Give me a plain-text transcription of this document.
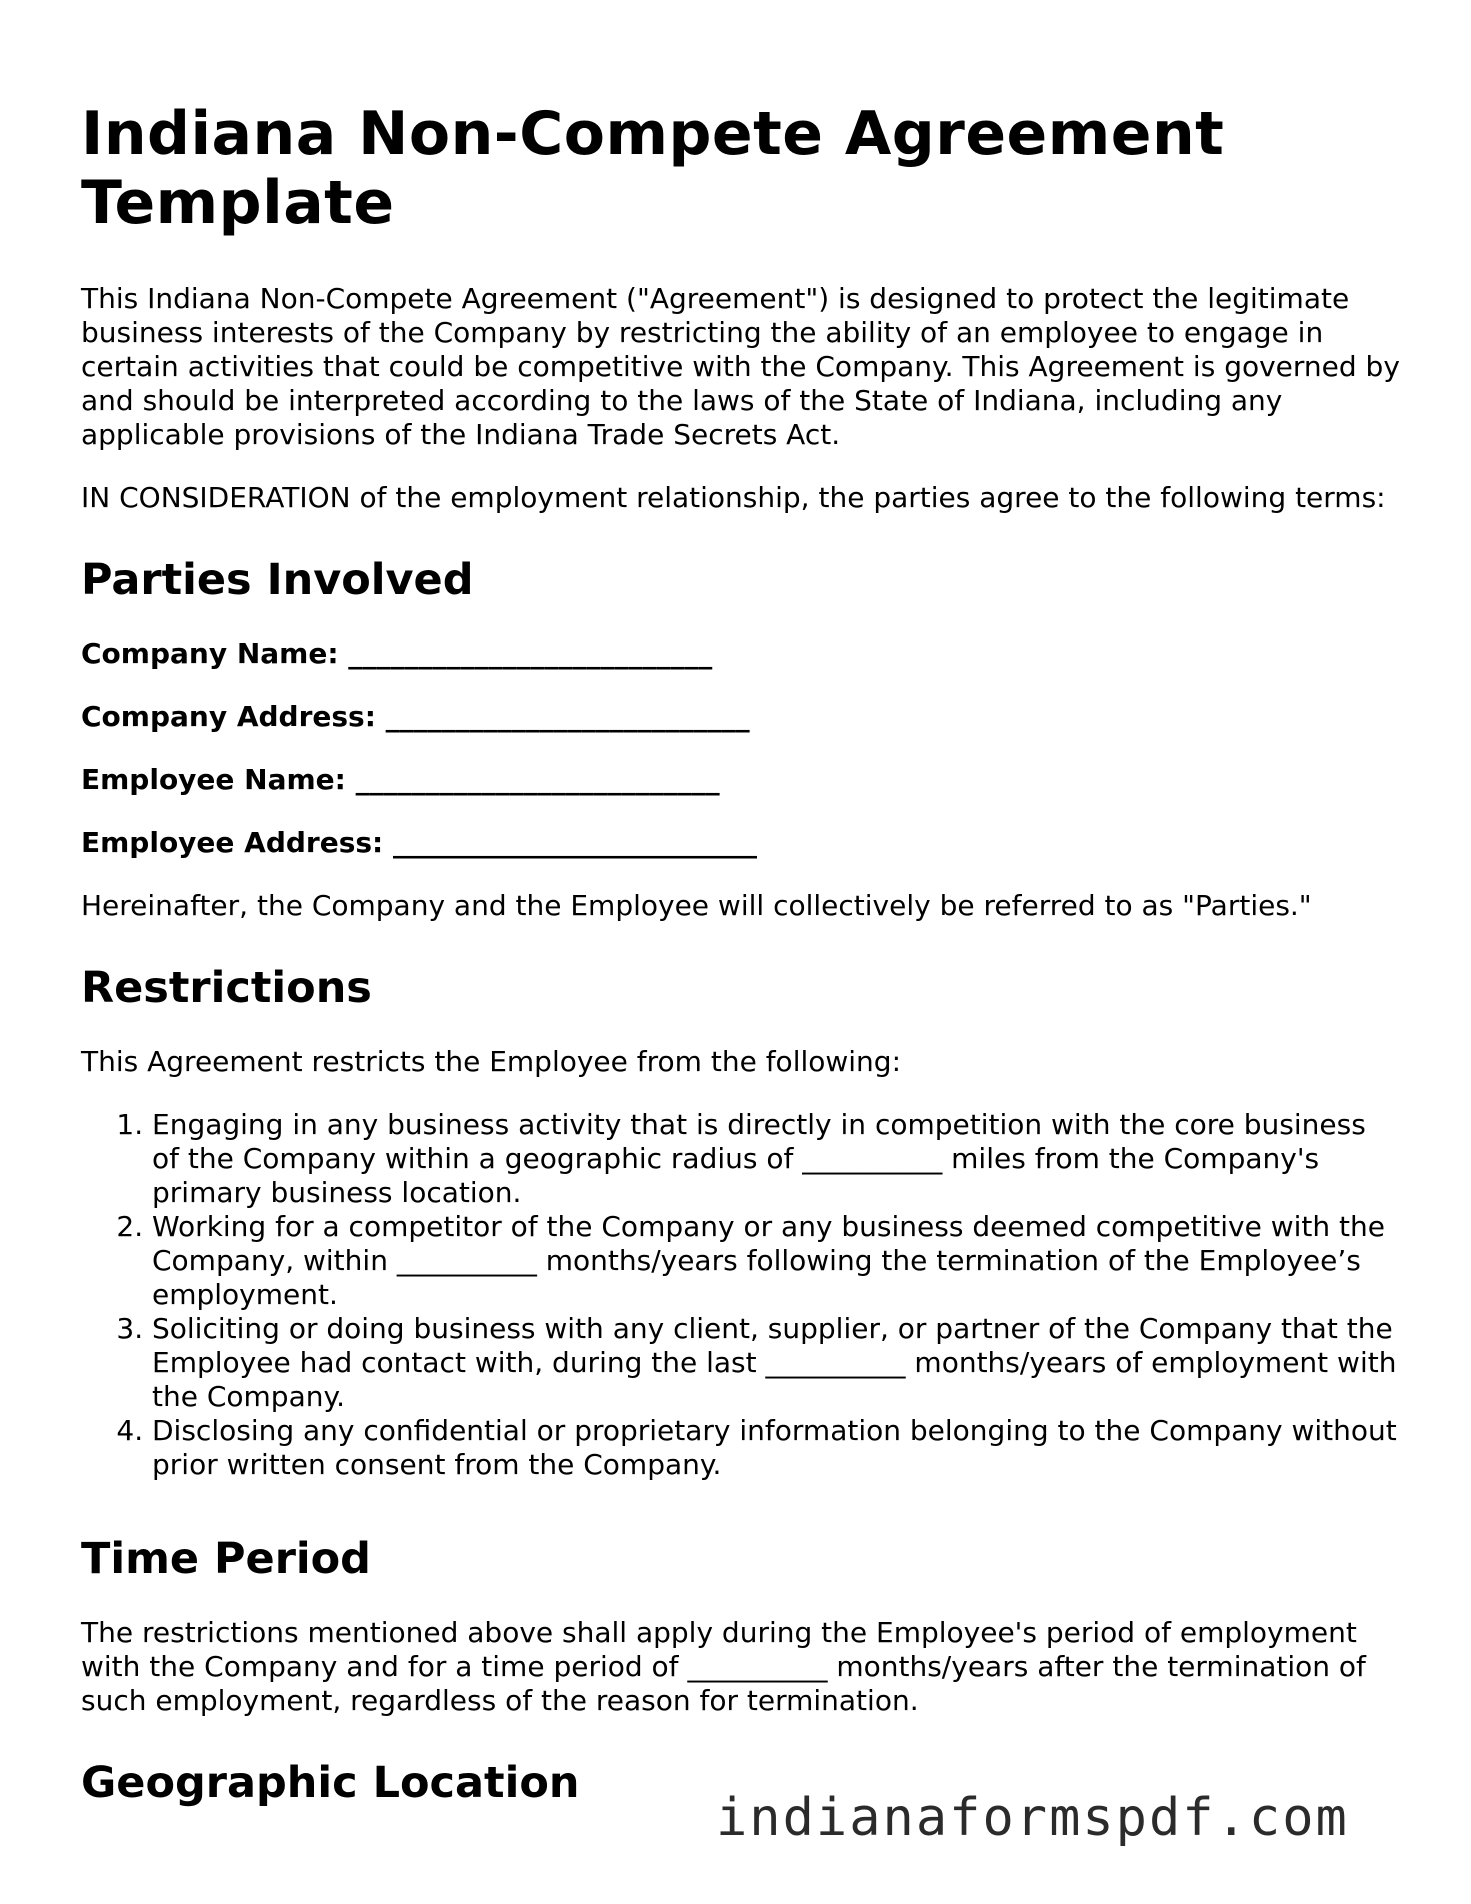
Indiana Non-Compete Agreement Template

This Indiana Non-Compete Agreement ("Agreement") is designed to protect the legitimate business interests of the Company by restricting the ability of an employee to engage in certain activities that could be competitive with the Company. This Agreement is governed by and should be interpreted according to the laws of the State of Indiana, including any applicable provisions of the Indiana Trade Secrets Act.

IN CONSIDERATION of the employment relationship, the parties agree to the following terms:

Parties Involved
Company Name: __________________________
Company Address: __________________________
Employee Name: __________________________
Employee Address: __________________________

Hereinafter, the Company and the Employee will collectively be referred to as "Parties."

Restrictions

This Agreement restricts the Employee from the following:

1. Engaging in any business activity that is directly in competition with the core business of the Company within a geographic radius of __________ miles from the Company's primary business location.
2. Working for a competitor of the Company or any business deemed competitive with the Company, within __________ months/years following the termination of the Employee’s employment.
3. Soliciting or doing business with any client, supplier, or partner of the Company that the Employee had contact with, during the last __________ months/years of employment with the Company.
4. Disclosing any confidential or proprietary information belonging to the Company without prior written consent from the Company.
Time Period

The restrictions mentioned above shall apply during the Employee's period of employment with the Company and for a time period of __________ months/years after the termination of such employment, regardless of the reason for termination.

Geographic Location
indianaformspdf.com
